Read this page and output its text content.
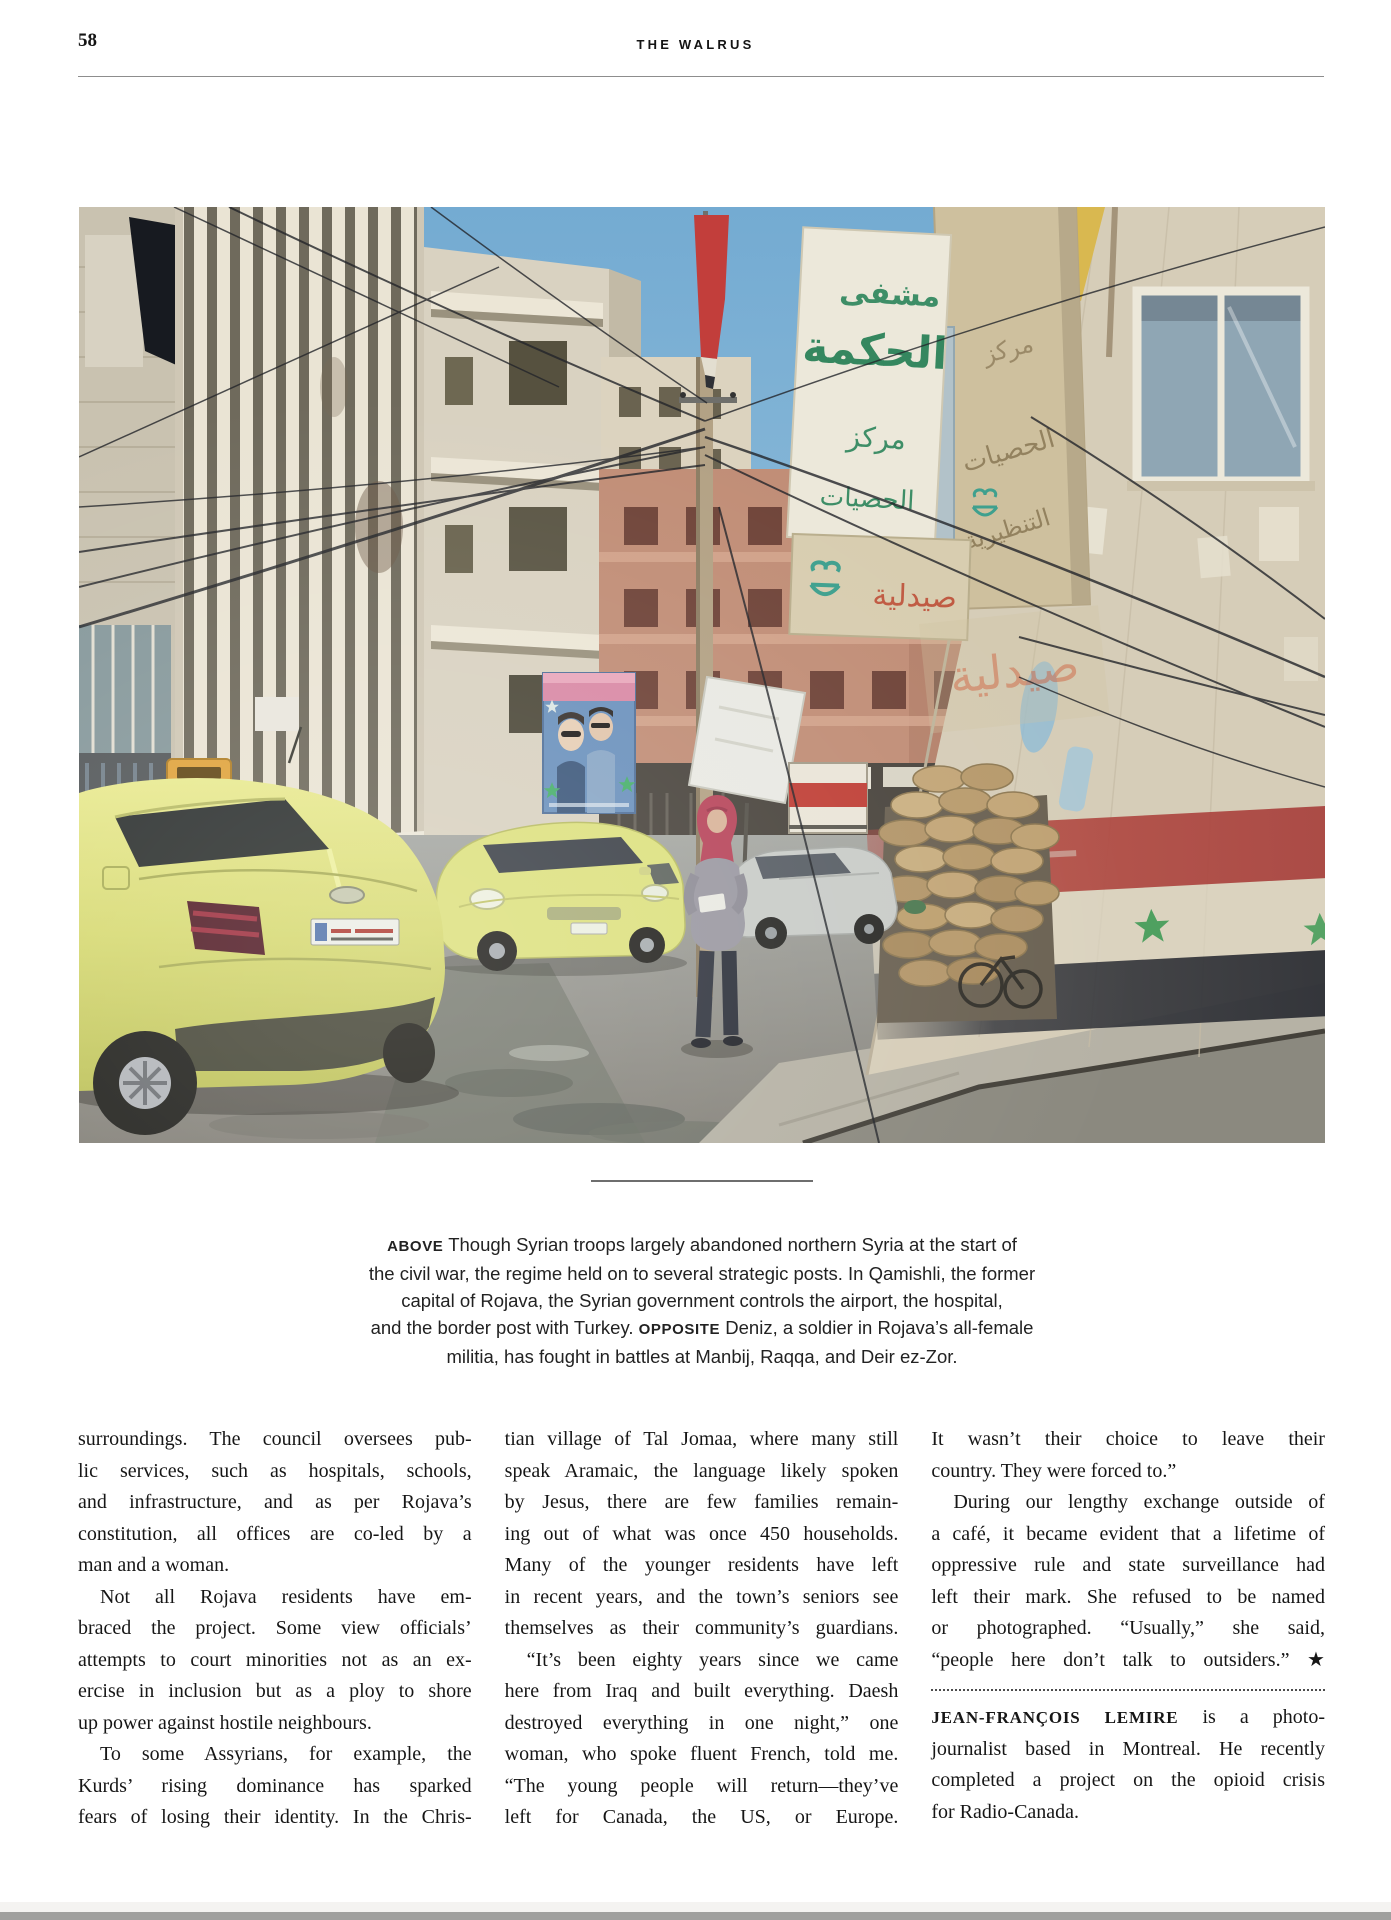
58	THE WALRUS
ABOVE Though Syrian troops largely abandoned northern Syria at the start of
the civil war, the regime held on to several strategic posts. In Qamishli, the former
capital of Rojava, the Syrian government controls the airport, the hospital,
and the border post with Turkey. OPPOSITE Deniz, a soldier in Rojava’s all-female
militia, has fought in battles at Manbij, Raqqa, and Deir ez-Zor.
surroundings. The council oversees pub-
lic services, such as hospitals, schools,
and infrastructure, and as per Rojava’s
constitution, all offices are co-led by a
man and a woman.
Not all Rojava residents have em-
braced the project. Some view officials’
attempts to court minorities not as an ex-
ercise in inclusion but as a ploy to shore
up power against hostile neighbours.
To some Assyrians, for example, the
Kurds’ rising dominance has sparked
fears of losing their identity. In the Chris-
tian village of Tal Jomaa, where many still
speak Aramaic, the language likely spoken
by Jesus, there are few families remain-
ing out of what was once 450 households.
Many of the younger residents have left
in recent years, and the town’s seniors see
themselves as their community’s guardians.
“It’s been eighty years since we came
here from Iraq and built everything. Daesh
destroyed everything in one night,” one
woman, who spoke fluent French, told me.
“The young people will return—they’ve
left for Canada, the US, or Europe.
It wasn’t their choice to leave their
country. They were forced to.”
During our lengthy exchange outside of
a café, it became evident that a lifetime of
oppressive rule and state surveillance had
left their mark. She refused to be named
or photographed. “Usually,” she said,
“people here don’t talk to outsiders.” ★
JEAN-FRANÇOIS LEMIRE is a photo-
journalist based in Montreal. He recently
completed a project on the opioid crisis
for Radio-Canada.
